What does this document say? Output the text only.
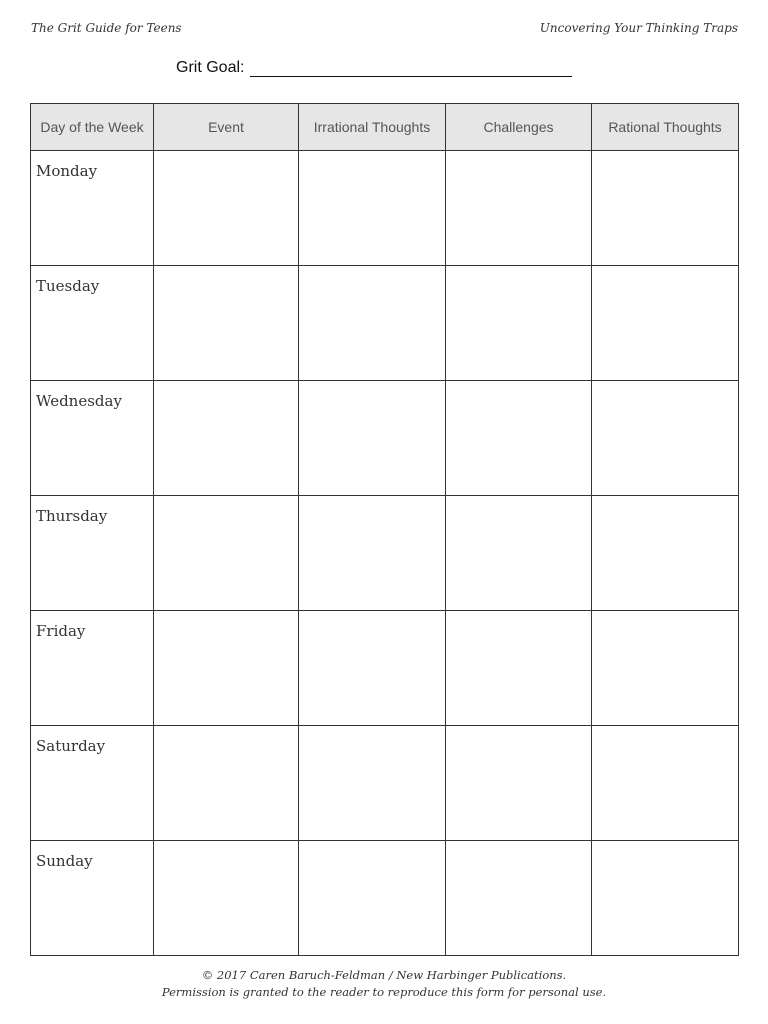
The Grit Guide for Teens	Uncovering Your Thinking Traps
Grit Goal:
Day of the Week	Event	Irrational Thoughts	Challenges	Rational Thoughts

Monday				

Tuesday				

Wednesday				

Thursday				

Friday				

Saturday				

Sunday				

© 2017 Caren Baruch-Feldman / New Harbinger Publications.
Permission is granted to the reader to reproduce this form for personal use.
